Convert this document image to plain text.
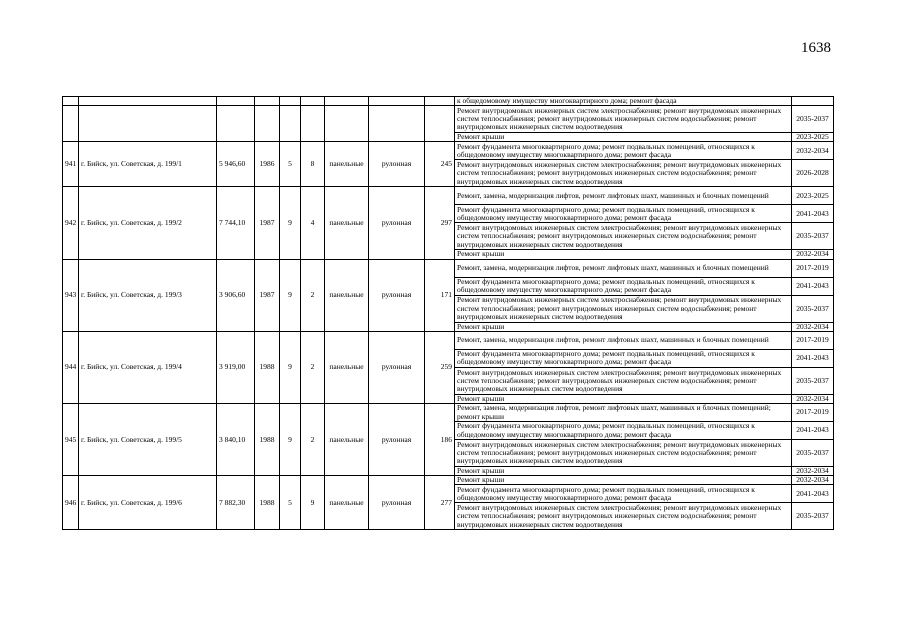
1638
									к общедомовому имуществу многоквартирного дома; ремонт фасада	
									Ремонт внутридомовых инженерных систем электроснабжения; ремонт внутридомовых инженерных систем теплоснабжения; ремонт внутридомовых инженерных систем водоснабжения; ремонт внутридомовых инженерных систем водоотведения	2035-2037
									Ремонт крыши	2023-2025
941	г. Бийск, ул. Советская, д. 199/1	5 946,60	1986	5	8	панельные	рулонная	245	Ремонт фундамента многоквартирного дома; ремонт подвальных помещений, относящихся к общедомовому имуществу многоквартирного дома; ремонт фасада	2032-2034
									Ремонт внутридомовых инженерных систем электроснабжения; ремонт внутридомовых инженерных систем теплоснабжения; ремонт внутридомовых инженерных систем водоснабжения; ремонт внутридомовых инженерных систем водоотведения	2026-2028
942	г. Бийск, ул. Советская, д. 199/2	7 744,10	1987	9	4	панельные	рулонная	297	Ремонт, замена, модернизация лифтов, ремонт лифтовых шахт, машинных и блочных помещений	2023-2025
									Ремонт фундамента многоквартирного дома; ремонт подвальных помещений, относящихся к общедомовому имуществу многоквартирного дома; ремонт фасада	2041-2043
									Ремонт внутридомовых инженерных систем электроснабжения; ремонт внутридомовых инженерных систем теплоснабжения; ремонт внутридомовых инженерных систем водоснабжения; ремонт внутридомовых инженерных систем водоотведения	2035-2037
									Ремонт крыши	2032-2034
943	г. Бийск, ул. Советская, д. 199/3	3 906,60	1987	9	2	панельные	рулонная	171	Ремонт, замена, модернизация лифтов, ремонт лифтовых шахт, машинных и блочных помещений	2017-2019
									Ремонт фундамента многоквартирного дома; ремонт подвальных помещений, относящихся к общедомовому имуществу многоквартирного дома; ремонт фасада	2041-2043
									Ремонт внутридомовых инженерных систем электроснабжения; ремонт внутридомовых инженерных систем теплоснабжения; ремонт внутридомовых инженерных систем водоснабжения; ремонт внутридомовых инженерных систем водоотведения	2035-2037
									Ремонт крыши	2032-2034
944	г. Бийск, ул. Советская, д. 199/4	3 919,00	1988	9	2	панельные	рулонная	259	Ремонт, замена, модернизация лифтов, ремонт лифтовых шахт, машинных и блочных помещений	2017-2019
									Ремонт фундамента многоквартирного дома; ремонт подвальных помещений, относящихся к общедомовому имуществу многоквартирного дома; ремонт фасада	2041-2043
									Ремонт внутридомовых инженерных систем электроснабжения; ремонт внутридомовых инженерных систем теплоснабжения; ремонт внутридомовых инженерных систем водоснабжения; ремонт внутридомовых инженерных систем водоотведения	2035-2037
									Ремонт крыши	2032-2034
945	г. Бийск, ул. Советская, д. 199/5	3 840,10	1988	9	2	панельные	рулонная	186	Ремонт, замена, модернизация лифтов, ремонт лифтовых шахт, машинных и блочных помещений; ремонт крыши	2017-2019
									Ремонт фундамента многоквартирного дома; ремонт подвальных помещений, относящихся к общедомовому имуществу многоквартирного дома; ремонт фасада	2041-2043
									Ремонт внутридомовых инженерных систем электроснабжения; ремонт внутридомовых инженерных систем теплоснабжения; ремонт внутридомовых инженерных систем водоснабжения; ремонт внутридомовых инженерных систем водоотведения	2035-2037
									Ремонт крыши	2032-2034
946	г. Бийск, ул. Советская, д. 199/6	7 882,30	1988	5	9	панельные	рулонная	277	Ремонт крыши	2032-2034
									Ремонт фундамента многоквартирного дома; ремонт подвальных помещений, относящихся к общедомовому имуществу многоквартирного дома; ремонт фасада	2041-2043
									Ремонт внутридомовых инженерных систем электроснабжения; ремонт внутридомовых инженерных систем теплоснабжения; ремонт внутридомовых инженерных систем водоснабжения; ремонт внутридомовых инженерных систем водоотведения	2035-2037
